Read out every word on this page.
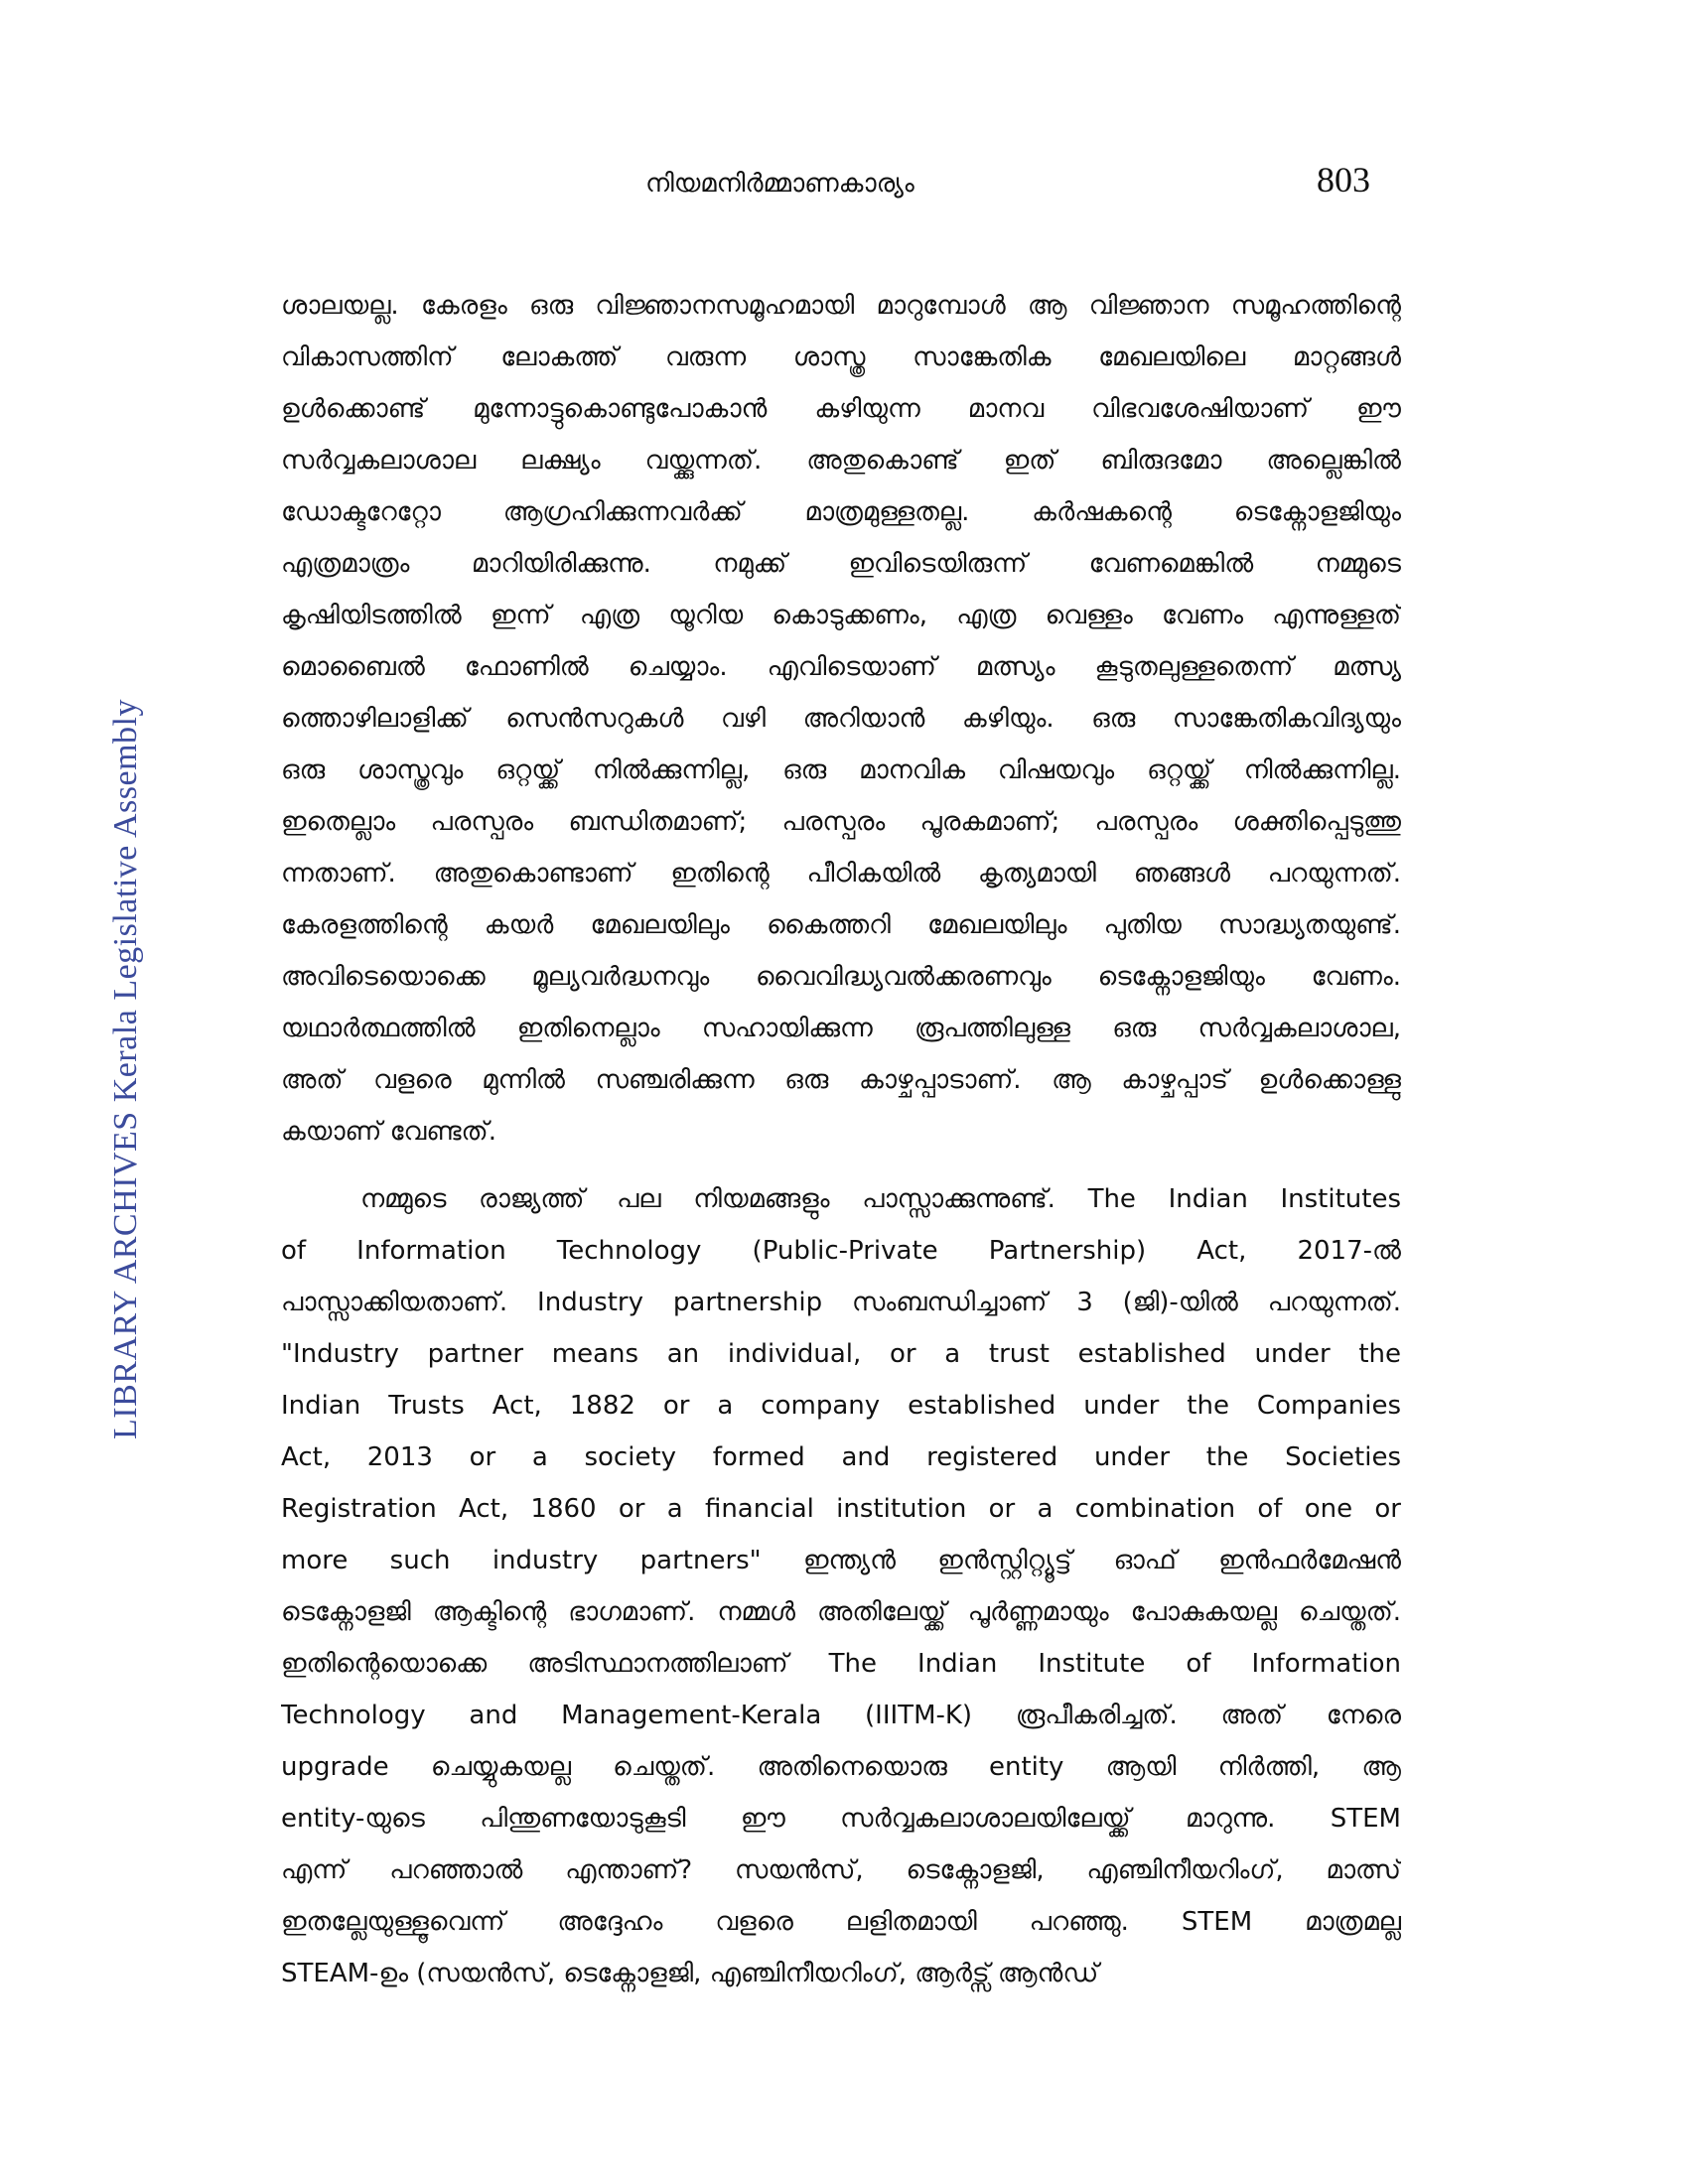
നിയമനിർമ്മാണകാര്യം	803
LIBRARY ARCHIVES Kerala Legislative Assembly
ശാലയല്ല. കേരളം ഒരു വിജ്ഞാനസമൂഹമായി മാറുമ്പോൾ ആ വിജ്ഞാന സമൂഹത്തിന്റെ
വികാസത്തിന് ലോകത്ത് വരുന്ന ശാസ്ത്ര സാങ്കേതിക മേഖലയിലെ മാറ്റങ്ങൾ
ഉൾക്കൊണ്ട് മുന്നോട്ടുകൊണ്ടുപോകാൻ കഴിയുന്ന മാനവ വിഭവശേഷിയാണ് ഈ
സർവ്വകലാശാല ലക്ഷ്യം വയ്ക്കുന്നത്. അതുകൊണ്ട് ഇത് ബിരുദമോ അല്ലെങ്കിൽ
ഡോക്ടറേറ്റോ ആഗ്രഹിക്കുന്നവർക്ക് മാത്രമുള്ളതല്ല. കർഷകന്റെ ടെക്നോളജിയും
എത്രമാത്രം മാറിയിരിക്കുന്നു. നമുക്ക് ഇവിടെയിരുന്ന് വേണമെങ്കിൽ നമ്മുടെ
കൃഷിയിടത്തിൽ ഇന്ന് എത്ര യൂറിയ കൊടുക്കണം, എത്ര വെള്ളം വേണം എന്നുള്ളത്
മൊബൈൽ ഫോണിൽ ചെയ്യാം. എവിടെയാണ് മത്സ്യം കൂടുതലുള്ളതെന്ന് മത്സ്യ
ത്തൊഴിലാളിക്ക് സെൻസറുകൾ വഴി അറിയാൻ കഴിയും. ഒരു സാങ്കേതികവിദ്യയും
ഒരു ശാസ്ത്രവും ഒറ്റയ്ക്ക് നിൽക്കുന്നില്ല, ഒരു മാനവിക വിഷയവും ഒറ്റയ്ക്ക് നിൽക്കുന്നില്ല.
ഇതെല്ലാം പരസ്പരം ബന്ധിതമാണ്; പരസ്പരം പൂരകമാണ്; പരസ്പരം ശക്തിപ്പെടുത്തു
ന്നതാണ്. അതുകൊണ്ടാണ് ഇതിന്റെ പീഠികയിൽ കൃത്യമായി ഞങ്ങൾ പറയുന്നത്.
കേരളത്തിന്റെ കയർ മേഖലയിലും കൈത്തറി മേഖലയിലും പുതിയ സാദ്ധ്യതയുണ്ട്.
അവിടെയൊക്കെ മൂല്യവർദ്ധനവും വൈവിദ്ധ്യവൽക്കരണവും ടെക്നോളജിയും വേണം.
യഥാർത്ഥത്തിൽ ഇതിനെല്ലാം സഹായിക്കുന്ന രൂപത്തിലുള്ള ഒരു സർവ്വകലാശാല,
അത് വളരെ മുന്നിൽ സഞ്ചരിക്കുന്ന ഒരു കാഴ്ചപ്പാടാണ്. ആ കാഴ്ചപ്പാട് ഉൾക്കൊള്ളു
കയാണ് വേണ്ടത്.
നമ്മുടെ രാജ്യത്ത് പല നിയമങ്ങളും പാസ്സാക്കുന്നുണ്ട്. The Indian Institutes
of Information Technology (Public-Private Partnership) Act, 2017-ൽ
പാസ്സാക്കിയതാണ്. Industry partnership സംബന്ധിച്ചാണ് 3 (ജി)-യിൽ പറയുന്നത്.
"Industry partner means an individual, or a trust established under the
Indian Trusts Act, 1882 or a company established under the Companies
Act, 2013 or a society formed and registered under the Societies
Registration Act, 1860 or a financial institution or a combination of one or
more such industry partners" ഇന്ത്യൻ ഇൻസ്റ്റിറ്റ്യൂട്ട് ഓഫ് ഇൻഫർമേഷൻ
ടെക്നോളജി ആക്ടിന്റെ ഭാഗമാണ്. നമ്മൾ അതിലേയ്ക്ക് പൂർണ്ണമായും പോകുകയല്ല ചെയ്തത്.
ഇതിന്റെയൊക്കെ അടിസ്ഥാനത്തിലാണ് The Indian Institute of Information
Technology and Management-Kerala (IIITM-K) രൂപീകരിച്ചത്. അത് നേരെ
upgrade ചെയ്യുകയല്ല ചെയ്തത്. അതിനെയൊരു entity ആയി നിർത്തി, ആ
entity-യുടെ പിന്തുണയോടുകൂടി ഈ സർവ്വകലാശാലയിലേയ്ക്ക് മാറുന്നു. STEM
എന്ന് പറഞ്ഞാൽ എന്താണ്? സയൻസ്, ടെക്നോളജി, എഞ്ചിനീയറിംഗ്, മാത്സ്
ഇതല്ലേയുള്ളൂവെന്ന് അദ്ദേഹം വളരെ ലളിതമായി പറഞ്ഞു. STEM മാത്രമല്ല
STEAM-ഉം (സയൻസ്, ടെക്നോളജി, എഞ്ചിനീയറിംഗ്, ആർട്സ് ആൻഡ്
